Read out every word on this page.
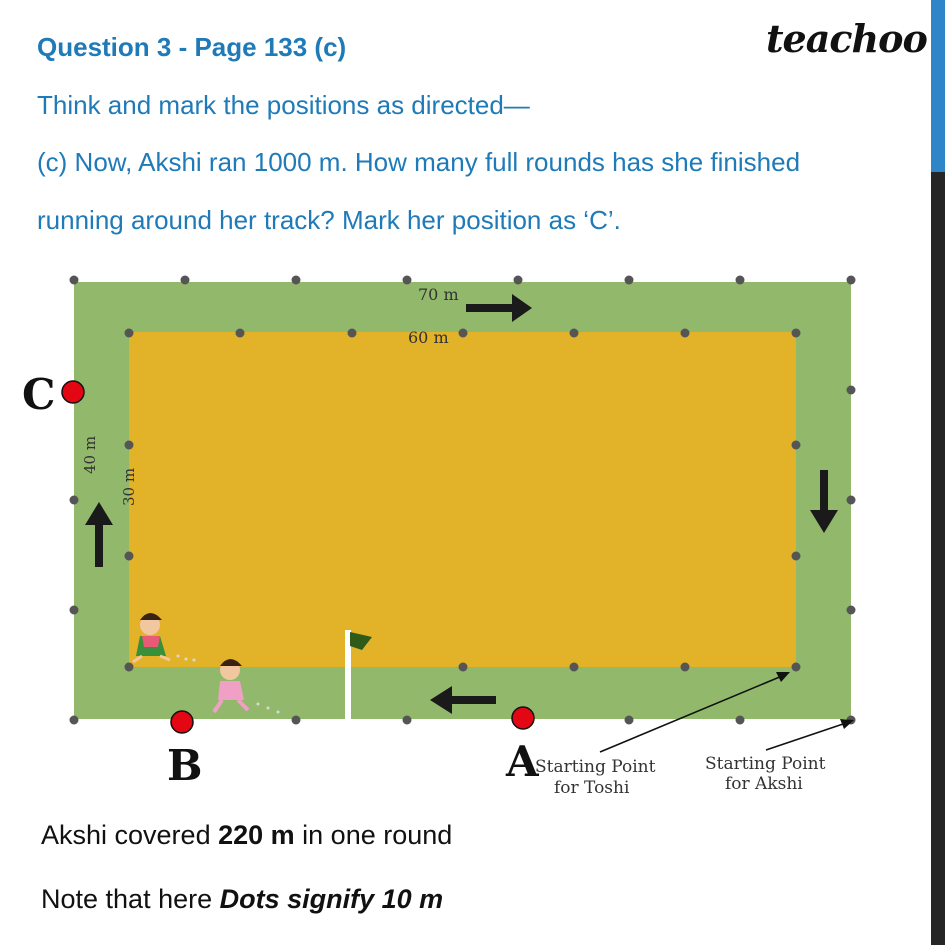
Question 3 - Page 133 (c)	teachoo
Think and mark the positions as directed—
(c) Now, Akshi ran 1000 m. How many full rounds has she finished
running around her track? Mark her position as ‘C’.
70 m
60 m
40 m
30 m
C
B	A
Starting Point
for Toshi
Starting Point
for Akshi
Akshi covered 220 m in one round
Note that here Dots signify 10 m
